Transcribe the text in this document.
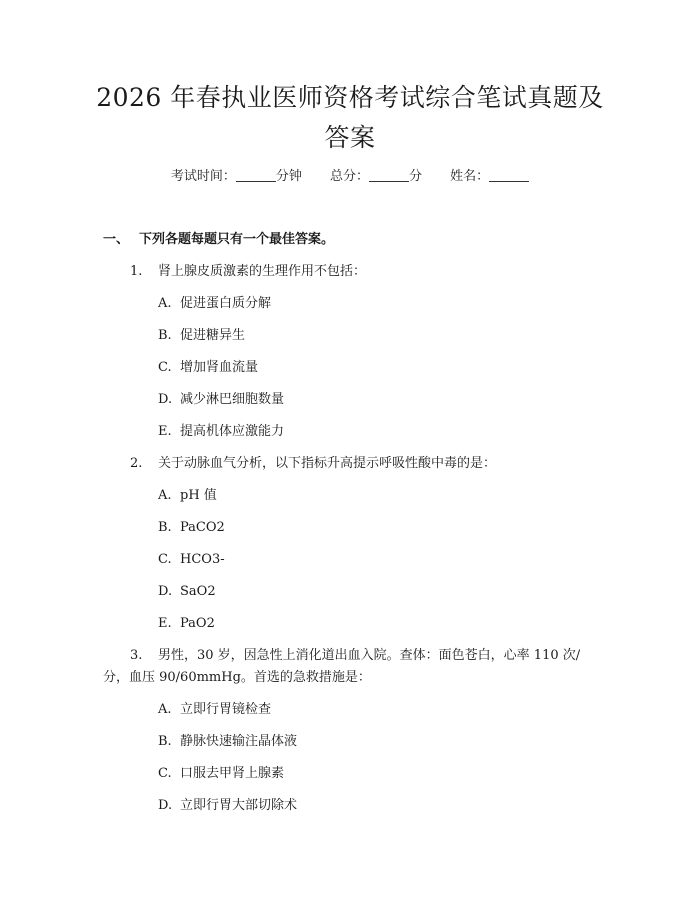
2026 年春执业医师资格考试综合笔试真题及
答案
考试时间：	分钟 总分：	分 姓名：
一、 下列各题每题只有一个最佳答案。
1. 肾上腺皮质激素的生理作用不包括：
A. 促进蛋白质分解
B. 促进糖异生
C. 增加肾血流量
D. 减少淋巴细胞数量
E. 提高机体应激能力
2. 关于动脉血气分析，以下指标升高提示呼吸性酸中毒的是：
A. pH 值
B. PaCO2
C. HCO3-
D. SaO2
E. PaO2
3. 男性，30 岁，因急性上消化道出血入院。查体：面色苍白，心率 110 次/
分，血压 90/60mmHg。首选的急救措施是：
A. 立即行胃镜检查
B. 静脉快速输注晶体液
C. 口服去甲肾上腺素
D. 立即行胃大部切除术
